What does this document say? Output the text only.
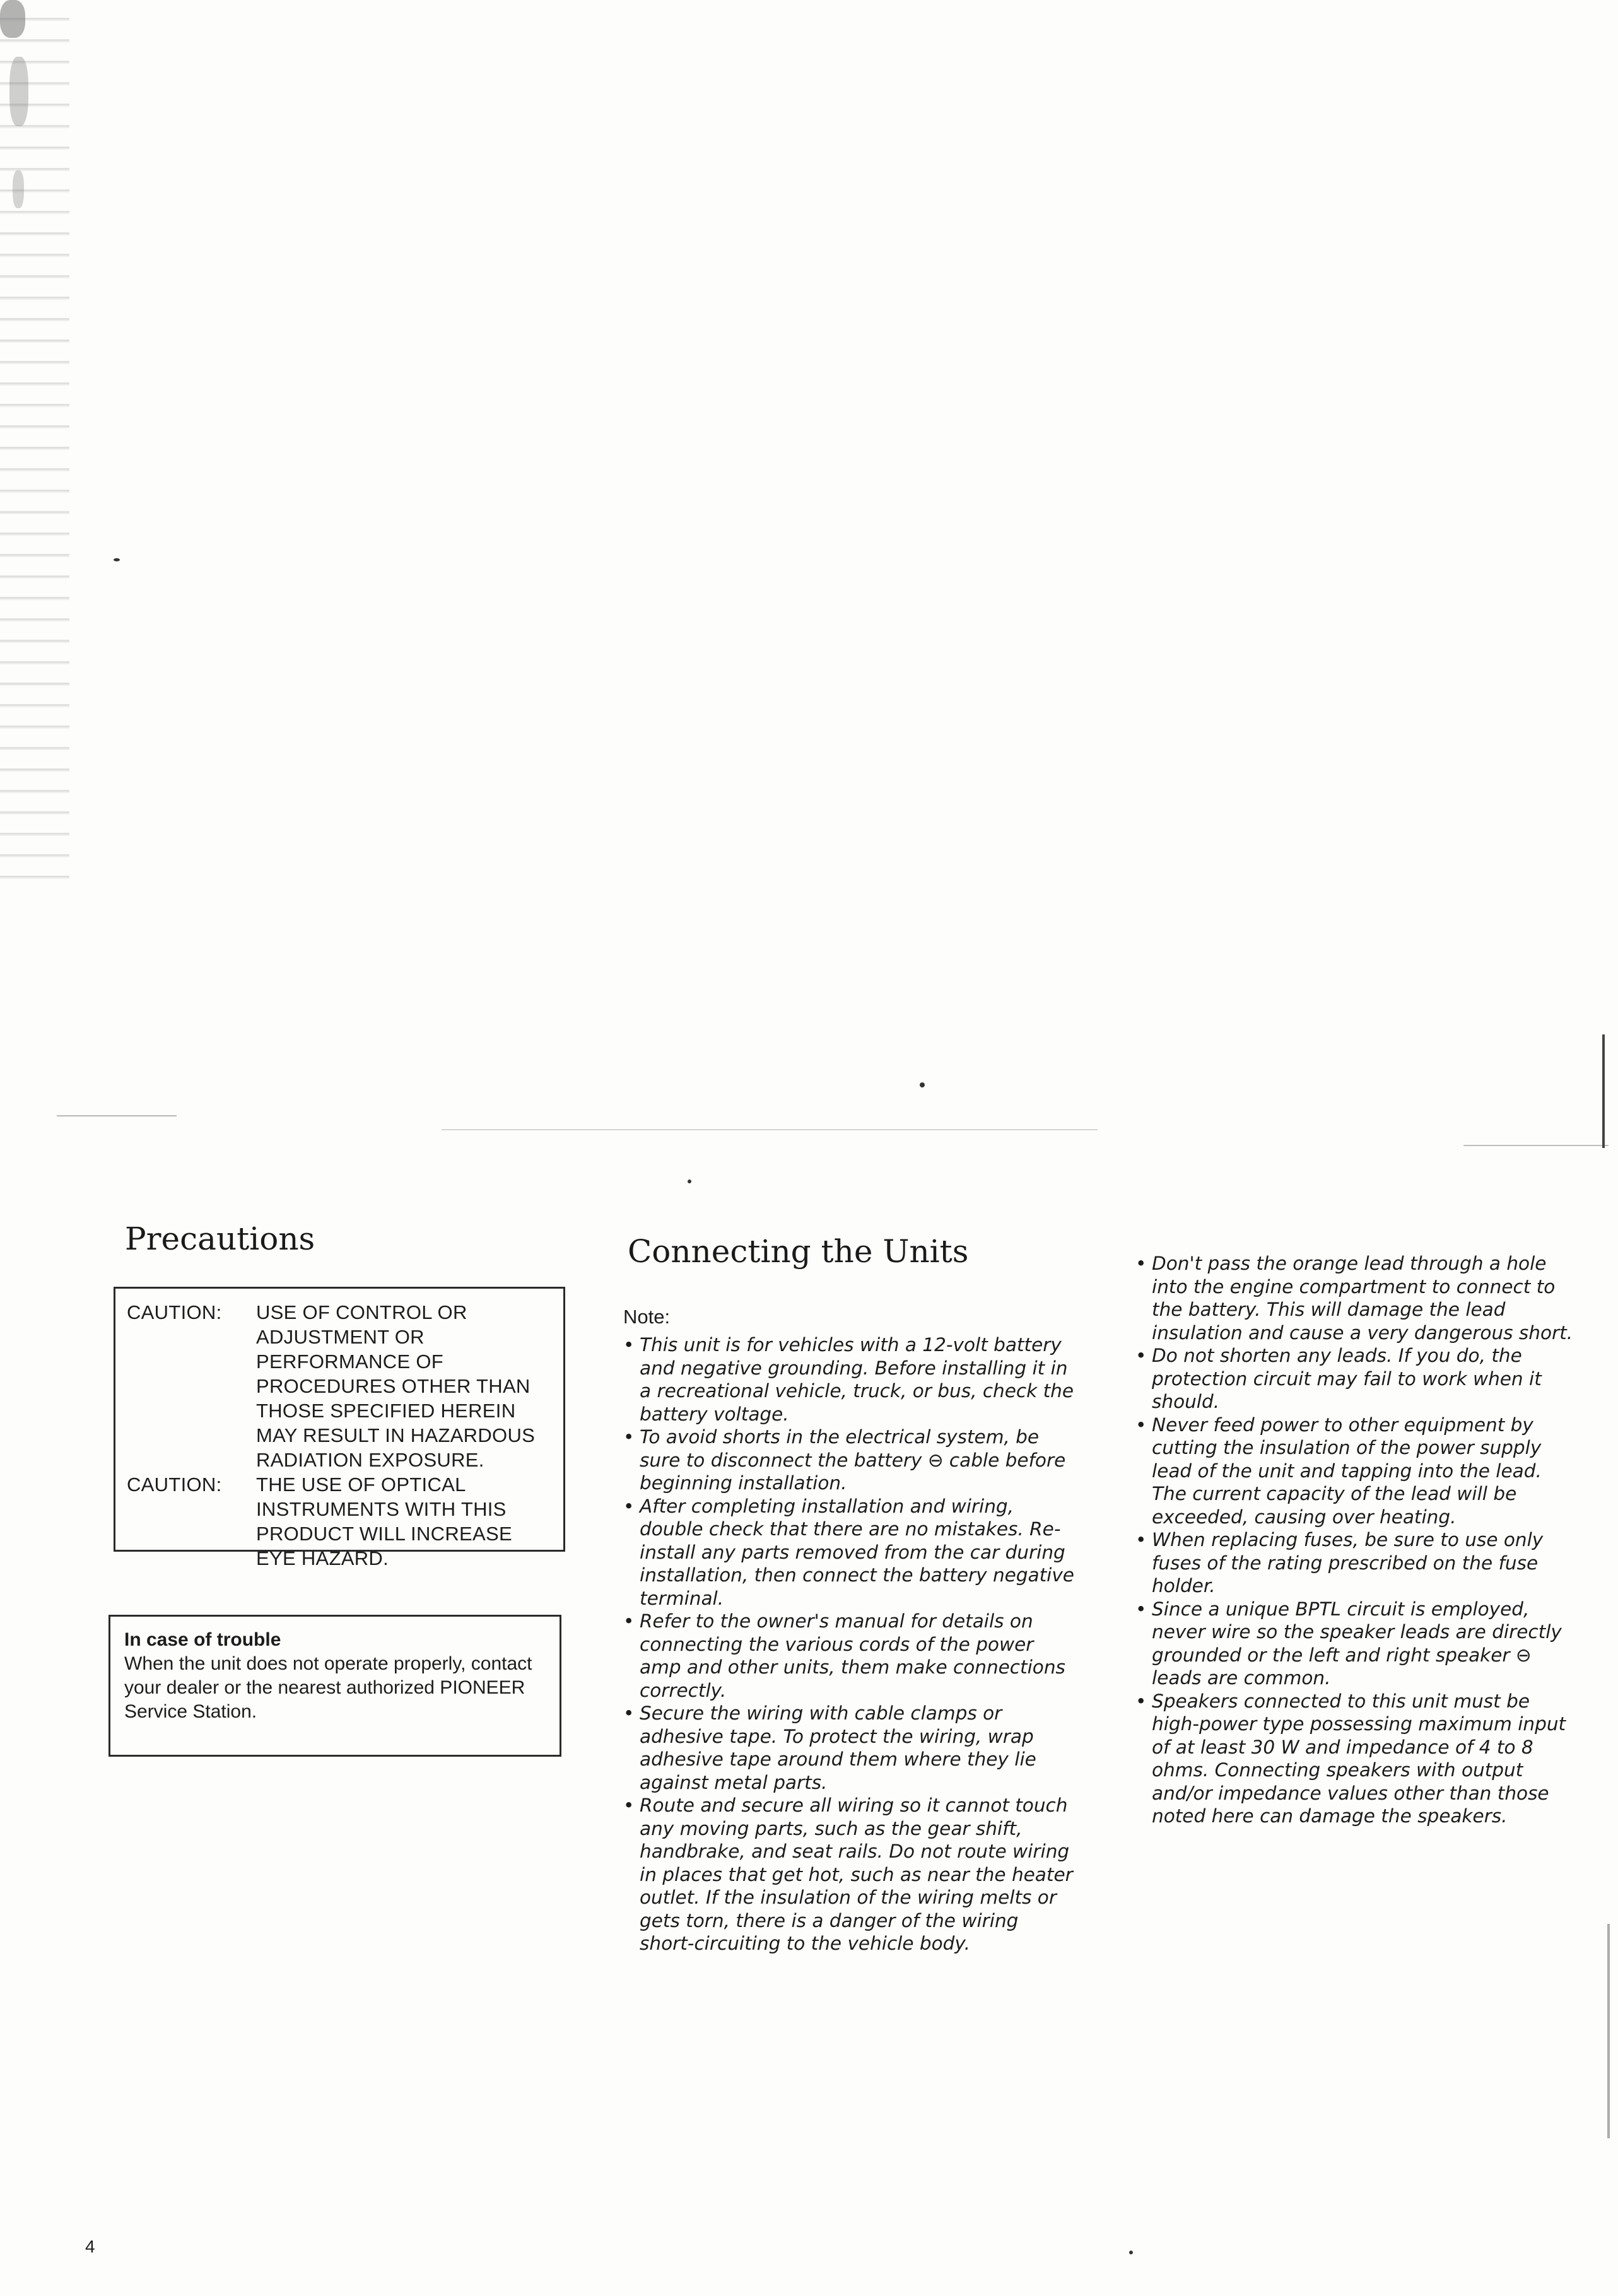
Precautions
CAUTION:	USE OF CONTROL OR ADJUSTMENT OR PERFORMANCE OF PROCEDURES OTHER THAN THOSE SPECIFIED HEREIN MAY RESULT IN HAZARDOUS RADIATION EXPOSURE.
CAUTION:	THE USE OF OPTICAL INSTRUMENTS WITH THIS PRODUCT WILL INCREASE EYE HAZARD.
In case of trouble
When the unit does not operate properly, contact your dealer or the nearest authorized PIONEER Service Station.
Connecting the Units
Note:
• This unit is for vehicles with a 12-volt battery and negative grounding. Before installing it in a recreational vehicle, truck, or bus, check the battery voltage.
• To avoid shorts in the electrical system, be sure to disconnect the battery ⊖ cable before beginning installation.
• After completing installation and wiring, double check that there are no mistakes. Re-install any parts removed from the car during installation, then connect the battery negative terminal.
• Refer to the owner's manual for details on connecting the various cords of the power amp and other units, them make connections correctly.
• Secure the wiring with cable clamps or adhesive tape. To protect the wiring, wrap adhesive tape around them where they lie against metal parts.
• Route and secure all wiring so it cannot touch any moving parts, such as the gear shift, handbrake, and seat rails. Do not route wiring in places that get hot, such as near the heater outlet. If the insulation of the wiring melts or gets torn, there is a danger of the wiring short-circuiting to the vehicle body.
• Don't pass the orange lead through a hole into the engine compartment to connect to the battery. This will damage the lead insulation and cause a very dangerous short.
• Do not shorten any leads. If you do, the protection circuit may fail to work when it should.
• Never feed power to other equipment by cutting the insulation of the power supply lead of the unit and tapping into the lead. The current capacity of the lead will be exceeded, causing over heating.
• When replacing fuses, be sure to use only fuses of the rating prescribed on the fuse holder.
• Since a unique BPTL circuit is employed, never wire so the speaker leads are directly grounded or the left and right speaker ⊖ leads are common.
• Speakers connected to this unit must be high-power type possessing maximum input of at least 30 W and impedance of 4 to 8 ohms. Connecting speakers with output and/or impedance values other than those noted here can damage the speakers.
4
